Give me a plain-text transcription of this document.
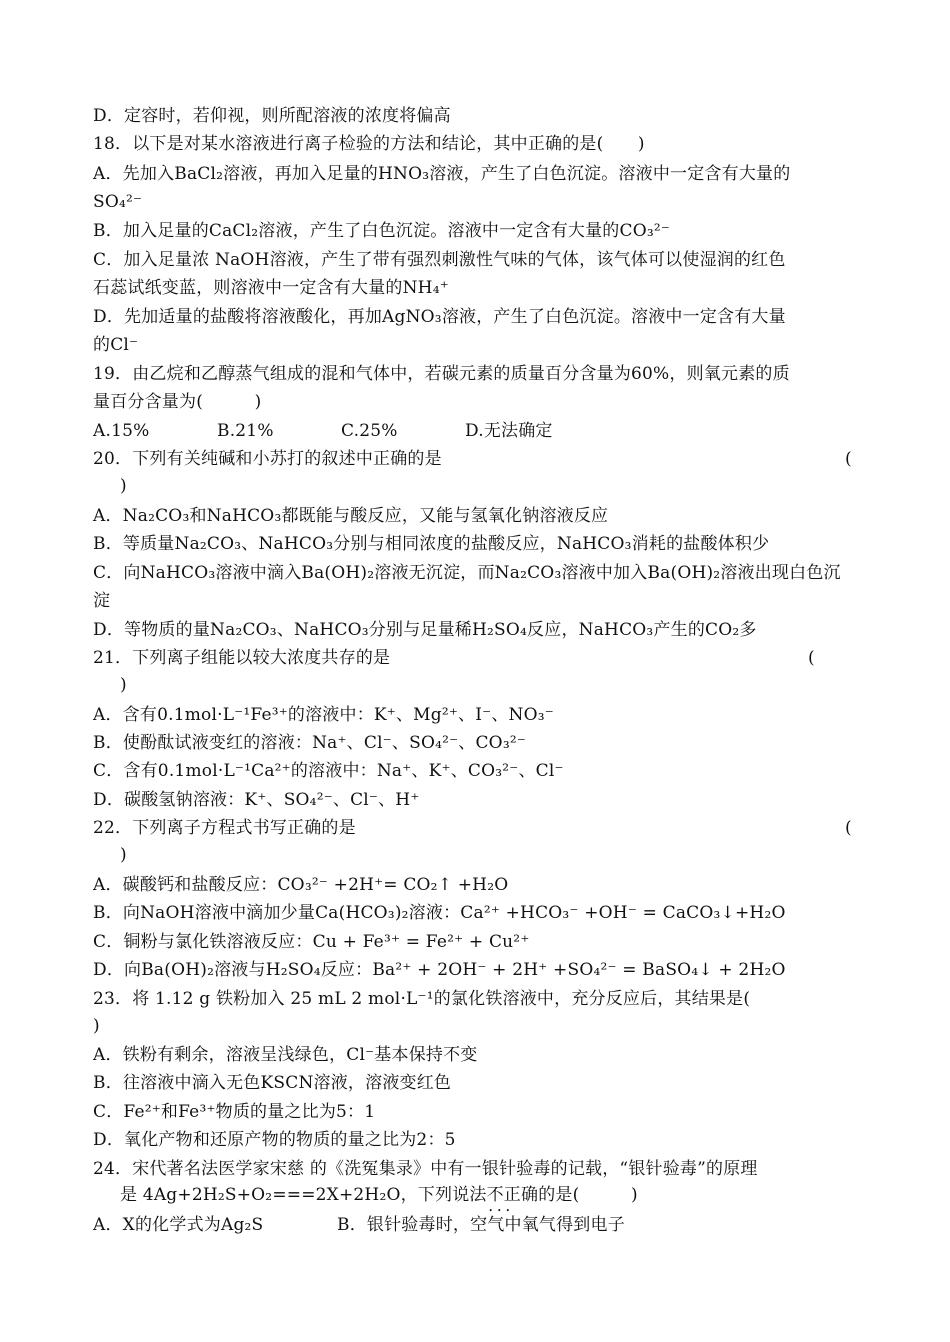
D．定容时，若仰视，则所配溶液的浓度将偏高
18．以下是对某水溶液进行离子检验的方法和结论，其中正确的是(　　)
A．先加入BaCl₂溶液，再加入足量的HNO₃溶液，产生了白色沉淀。溶液中一定含有大量的
SO₄²⁻
B．加入足量的CaCl₂溶液，产生了白色沉淀。溶液中一定含有大量的CO₃²⁻
C．加入足量浓 NaOH溶液，产生了带有强烈刺激性气味的气体，该气体可以使湿润的红色
石蕊试纸变蓝，则溶液中一定含有大量的NH₄⁺
D．先加适量的盐酸将溶液酸化，再加AgNO₃溶液，产生了白色沉淀。溶液中一定含有大量
的Cl⁻
19．由乙烷和乙醇蒸气组成的混和气体中，若碳元素的质量百分含量为60%，则氧元素的质
量百分含量为(　　　)
A.15%	B.21%	C.25%	D.无法确定
20．下列有关纯碱和小苏打的叙述中正确的是	(
)
A．Na₂CO₃和NaHCO₃都既能与酸反应，又能与氢氧化钠溶液反应
B．等质量Na₂CO₃、NaHCO₃分别与相同浓度的盐酸反应，NaHCO₃消耗的盐酸体积少
C．向NaHCO₃溶液中滴入Ba(OH)₂溶液无沉淀，而Na₂CO₃溶液中加入Ba(OH)₂溶液出现白色沉
淀
D．等物质的量Na₂CO₃、NaHCO₃分别与足量稀H₂SO₄反应，NaHCO₃产生的CO₂多
21．下列离子组能以较大浓度共存的是	(
)
A．含有0.1mol·L⁻¹Fe³⁺的溶液中：K⁺、Mg²⁺、I⁻、NO₃⁻
B．使酚酞试液变红的溶液：Na⁺、Cl⁻、SO₄²⁻、CO₃²⁻
C．含有0.1mol·L⁻¹Ca²⁺的溶液中：Na⁺、K⁺、CO₃²⁻、Cl⁻
D．碳酸氢钠溶液：K⁺、SO₄²⁻、Cl⁻、H⁺
22．下列离子方程式书写正确的是	(
)
A．碳酸钙和盐酸反应：CO₃²⁻ +2H⁺= CO₂↑ +H₂O
B．向NaOH溶液中滴加少量Ca(HCO₃)₂溶液：Ca²⁺ +HCO₃⁻ +OH⁻ = CaCO₃↓+H₂O
C．铜粉与氯化铁溶液反应：Cu + Fe³⁺ = Fe²⁺ + Cu²⁺
D．向Ba(OH)₂溶液与H₂SO₄反应：Ba²⁺ + 2OH⁻ + 2H⁺ +SO₄²⁻ = BaSO₄↓ + 2H₂O
23．将 1.12 g 铁粉加入 25 mL 2 mol·L⁻¹的氯化铁溶液中，充分反应后，其结果是(
)
A．铁粉有剩余，溶液呈浅绿色，Cl⁻基本保持不变
B．往溶液中滴入无色KSCN溶液，溶液变红色
C．Fe²⁺和Fe³⁺物质的量之比为5：1
D．氧化产物和还原产物的物质的量之比为2：5
24．宋代著名法医学家宋慈 的《洗冤集录》中有一银针验毒的记载，“银针验毒”的原理
是 4Ag+2H₂S+O₂===2X+2H₂O，下列说法不正确 •  •  •的是(　　　)
A．X的化学式为Ag₂S	B．银针验毒时，空气中氧气得到电子
